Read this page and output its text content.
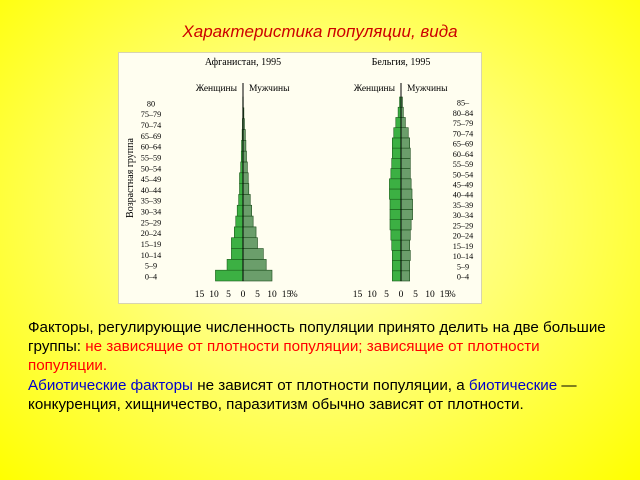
Характеристика популяции, вида
Возрастная группа
Афганистан, 1995
Женщины Мужчины
0–4
5–9
10–14
15–19
20–24
25–29
30–34
35–39
40–44
45–49
50–54
55–59
60–64
65–69
70–74
75–79
80
15 10 5 0 5 10 15
%
Бельгия, 1995
Женщины Мужчины
0–4
5–9
10–14
15–19
20–24
25–29
30–34
35–39
40–44
45–49
50–54
55–59
60–64
65–69
70–74
75–79
80–84
85–
15 10 5 0 5 10 15
%

Факторы, регулирующие численность популяции принято делить на две большие группы: не зависящие от плотности популяции; зависящие от плотности популяции.

Абиотические факторы не зависят от плотности популяции, а биотические — конкуренция, хищничество, паразитизм обычно зависят от плотности.
